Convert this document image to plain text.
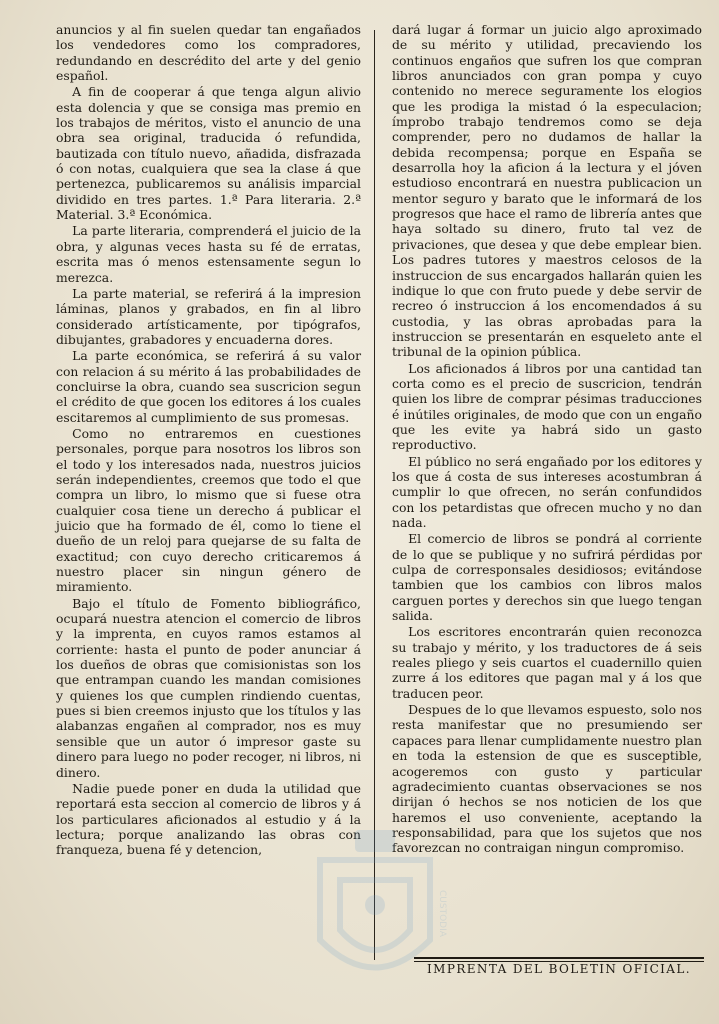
anuncios y al fin suelen quedar tan engañados los vendedores como los compradores, redundando en descrédito del arte y del genio español.

A fin de cooperar á que tenga algun alivio esta dolencia y que se consiga mas premio en los trabajos de méritos, visto el anuncio de una obra sea original, traducida ó refundida, bautizada con título nuevo, añadida, disfrazada ó con notas, cualquiera que sea la clase á que pertenezca, publicaremos su análisis imparcial dividido en tres partes. 1.ª Para literaria. 2.ª Material. 3.ª Económica.

La parte literaria, comprenderá el juicio de la obra, y algunas veces hasta su fé de erratas, escrita mas ó menos estensamente segun lo merezca.

La parte material, se referirá á la impresion láminas, planos y grabados, en fin al libro considerado artísticamente, por tipógrafos, dibujantes, grabadores y encuaderna dores.

La parte económica, se referirá á su valor con relacion á su mérito á las probabilidades de concluirse la obra, cuando sea suscricion segun el crédito de que gocen los editores á los cuales escitaremos al cumplimiento de sus promesas.

Como no entraremos en cuestiones personales, porque para nosotros los libros son el todo y los interesados nada, nuestros juicios serán independientes, creemos que todo el que compra un libro, lo mismo que si fuese otra cualquier cosa tiene un derecho á publicar el juicio que ha formado de él, como lo tiene el dueño de un reloj para quejarse de su falta de exactitud; con cuyo derecho criticaremos á nuestro placer sin ningun género de miramiento.

Bajo el título de Fomento bibliográfico, ocupará nuestra atencion el comercio de libros y la imprenta, en cuyos ramos estamos al corriente: hasta el punto de poder anunciar á los dueños de obras que comisionistas son los que entrampan cuando les mandan comisiones y quienes los que cumplen rindiendo cuentas, pues si bien creemos injusto que los títulos y las alabanzas engañen al comprador, nos es muy sensible que un autor ó impresor gaste su dinero para luego no poder recoger, ni libros, ni dinero.

Nadie puede poner en duda la utilidad que reportará esta seccion al comercio de libros y á los particulares aficionados al estudio y á la lectura; porque analizando las obras con franqueza, buena fé y detencion,

dará lugar á formar un juicio algo aproximado de su mérito y utilidad, precaviendo los continuos engaños que sufren los que compran libros anunciados con gran pompa y cuyo contenido no merece seguramente los elogios que les prodiga la mistad ó la especulacion; ímprobo trabajo tendremos como se deja comprender, pero no dudamos de hallar la debida recompensa; porque en España se desarrolla hoy la aficion á la lectura y el jóven estudioso encontrará en nuestra publicacion un mentor seguro y barato que le informará de los progresos que hace el ramo de librería antes que haya soltado su dinero, fruto tal vez de privaciones, que desea y que debe emplear bien. Los padres tutores y maestros celosos de la instruccion de sus encargados hallarán quien les indique lo que con fruto puede y debe servir de recreo ó instruccion á los encomendados á su custodia, y las obras aprobadas para la instruccion se presentarán en esqueleto ante el tribunal de la opinion pública.

Los aficionados á libros por una cantidad tan corta como es el precio de suscricion, tendrán quien los libre de comprar pésimas traducciones é inútiles originales, de modo que con un engaño que les evite ya habrá sido un gasto reproductivo.

El público no será engañado por los editores y los que á costa de sus intereses acostumbran á cumplir lo que ofrecen, no serán confundidos con los petardistas que ofrecen mucho y no dan nada.

El comercio de libros se pondrá al corriente de lo que se publique y no sufrirá pérdidas por culpa de corresponsales desidiosos; evitándose tambien que los cambios con libros malos carguen portes y derechos sin que luego tengan salida.

Los escritores encontrarán quien reconozca su trabajo y mérito, y los traductores de á seis reales pliego y seis cuartos el cuadernillo quien zurre á los editores que pagan mal y á los que traducen peor.

Despues de lo que llevamos espuesto, solo nos resta manifestar que no presumiendo ser capaces para llenar cumplidamente nuestro plan en toda la estension de que es susceptible, acogeremos con gusto y particular agradecimiento cuantas observaciones se nos dirijan ó hechos se nos noticien de los que haremos el uso conveniente, aceptando la responsabilidad, para que los sujetos que nos favorezcan no contraigan ningun compromiso.

IMPRENTA DEL BOLETIN OFICIAL.
CUSTODIA
